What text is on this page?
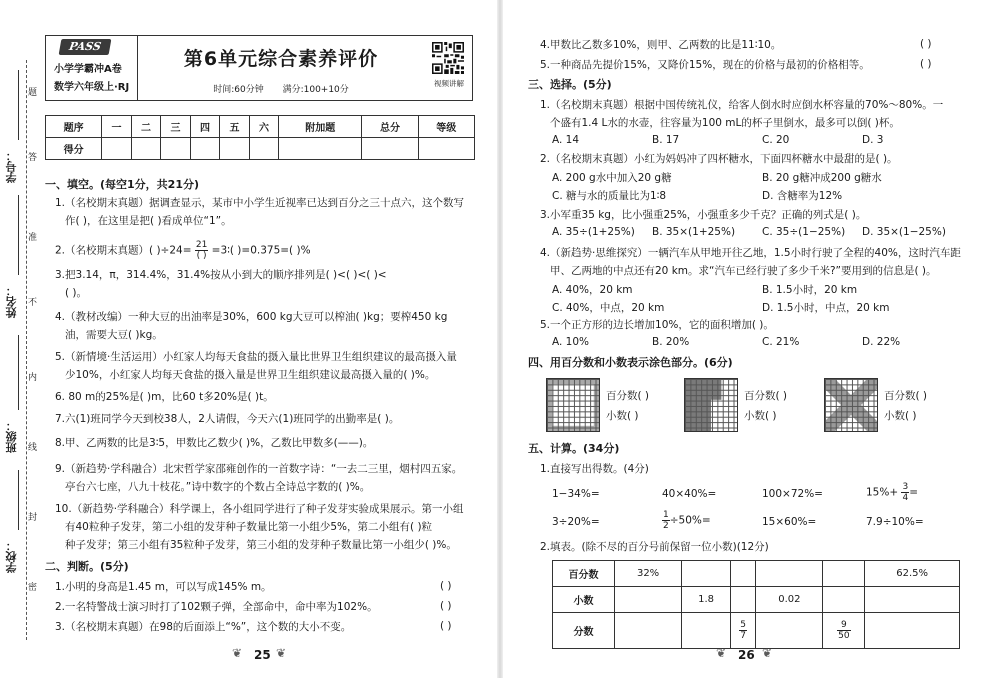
题
答
准
不
内
线
封
密
学校：
班级：
姓名：
学号：
PASS
小学学霸冲A卷
数学六年级上·RJ
第6单元综合素养评价
时间:60分钟 满分:100+10分
视频讲解
题序	一	二	三	四	五	六	附加题	总分	等级
得分									
一、填空。(每空1分，共21分)
1.（名校期末真题）据调查显示，某市中小学生近视率已达到百分之三十点六，这个数写
作( )，在这里是把( )看成单位“1”。
2.（名校期末真题）( )$\div 24= \frac{21}{( )}$ =3∶( )=0.375=( )%
3.把3.14，π，314.4%，31.4%按从小到大的顺序排列是( )<( )<( )<
( )。
4.（教材改编）一种大豆的出油率是30%，600 kg大豆可以榨油( )kg；要榨450 kg
油，需要大豆( )kg。
5.（新情境·生活运用）小红家人均每天食盐的摄入量比世界卫生组织建议的最高摄入量
少10%，小红家人均每天食盐的摄入量是世界卫生组织建议最高摄入量的( )%。
6. 80 m的25%是( )m，比60 t多20%是( )t。
7.六(1)班同学今天到校38人，2人请假，今天六(1)班同学的出勤率是( )。
8.甲、乙两数的比是3∶5，甲数比乙数少( )%，乙数比甲数多(——)。
9.（新趋势·学科融合）北宋哲学家邵雍创作的一首数字诗：“一去二三里，烟村四五家。
亭台六七座，八九十枝花。”诗中数字的个数占全诗总字数的( )%。
10.（新趋势·学科融合）科学课上，各小组同学进行了种子发芽实验成果展示。第一小组
有40粒种子发芽，第二小组的发芽种子数量比第一小组少5%，第二小组有( )粒
种子发芽；第三小组有35粒种子发芽，第三小组的发芽种子数量比第一小组少( )%。
二、判断。(5分)
1.小明的身高是1.45 m，可以写成145% m。	( )
2.一名特警战士演习时打了102颗子弹，全部命中，命中率为102%。	( )
3.（名校期末真题）在98的后面添上“%”，这个数的大小不变。	( )
❦ 25 ❦
4.甲数比乙数多10%，则甲、乙两数的比是11∶10。	( )
5.一种商品先提价15%，又降价15%，现在的价格与最初的价格相等。	( )
三、选择。(5分)
1.（名校期末真题）根据中国传统礼仪，给客人倒水时应倒水杯容量的70%～80%。一
个盛有1.4 L水的水壶，往容量为100 mL的杯子里倒水，最多可以倒( )杯。
A. 14	B. 17	C. 20	D. 3
2.（名校期末真题）小红为妈妈冲了四杯糖水，下面四杯糖水中最甜的是( )。
A. 200 g水中加入20 g糖	B. 20 g糖冲成200 g糖水
C. 糖与水的质量比为1∶8	D. 含糖率为12%
3.小军重35 kg，比小强重25%，小强重多少千克？正确的列式是( )。
A. 35÷(1+25%) B. 35×(1+25%)	C. 35÷(1−25%) D. 35×(1−25%)
4.（新趋势·思维探究）一辆汽车从甲地开往乙地，1.5小时行驶了全程的40%，这时汽车距
甲、乙两地的中点还有20 km。求“汽车已经行驶了多少千米?”要用到的信息是( )。
A. 40%，20 km	B. 1.5小时，20 km
C. 40%，中点，20 km	D. 1.5小时，中点，20 km
5.一个正方形的边长增加10%，它的面积增加( )。
A. 10%	B. 20%	C. 21%	D. 22%
四、用百分数和小数表示涂色部分。(6分)
百分数( )
小数( )
百分数( )
小数( )
百分数( )
小数( )
五、计算。(34分)
1.直接写出得数。(4分)
1−34%=	40×40%=	100×72%=	$15\%+ \frac{3}{4}$ =
3÷20%=	$\frac{1}{2} \div 50\%=$	15×60%=	7.9÷10%=
2.填表。(除不尽的百分号前保留一位小数)(12分)
百分数	32%					62.5%
小数		1.8		0.02		
分数			$\frac{5}{7}$		$\frac{9}{50}$

❦ 26 ❦
